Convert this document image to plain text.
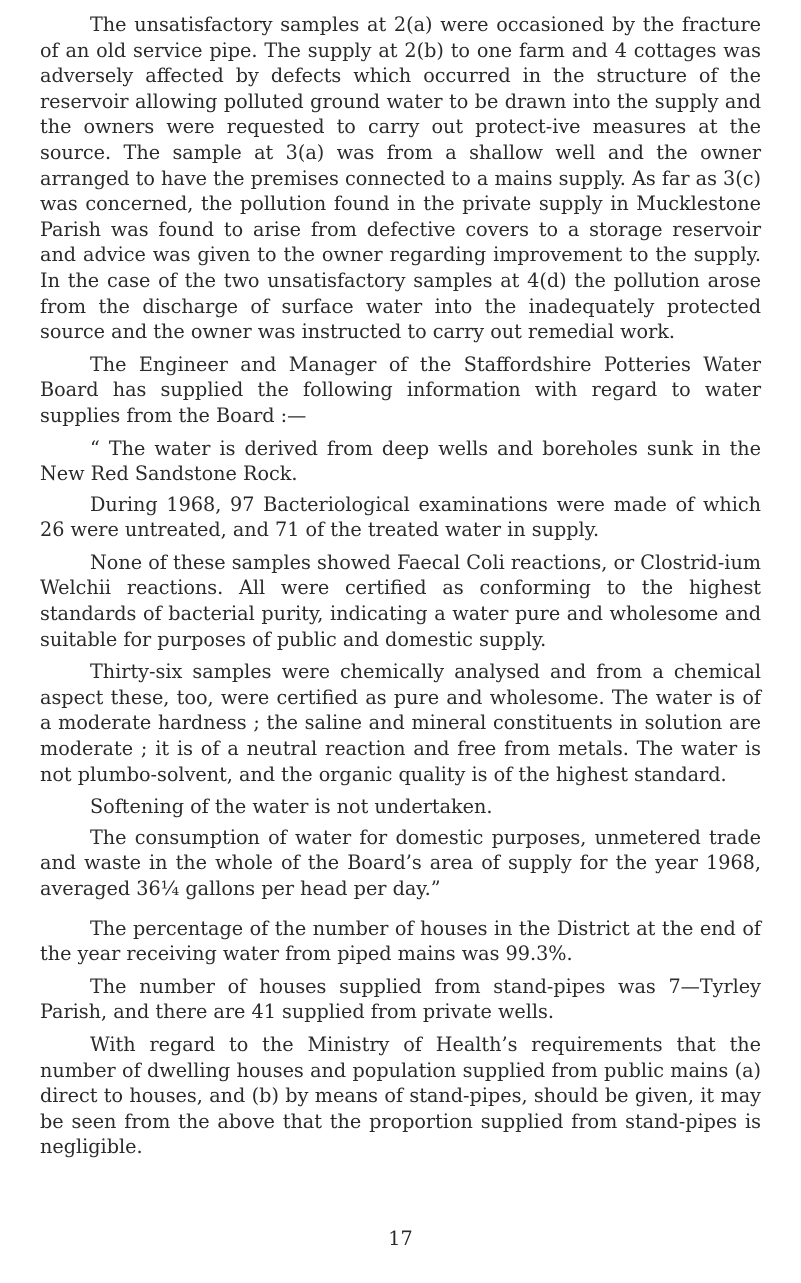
The unsatisfactory samples at 2(a) were occasioned by the fracture of an old service pipe. The supply at 2(b) to one farm and 4 cottages was adversely affected by defects which occurred in the structure of the reservoir allowing polluted ground water to be drawn into the supply and the owners were requested to carry out protect-ive measures at the source. The sample at 3(a) was from a shallow well and the owner arranged to have the premises connected to a mains supply. As far as 3(c) was concerned, the pollution found in the private supply in Mucklestone Parish was found to arise from defective covers to a storage reservoir and advice was given to the owner regarding improvement to the supply. In the case of the two unsatisfactory samples at 4(d) the pollution arose from the discharge of surface water into the inadequately protected source and the owner was instructed to carry out remedial work.

The Engineer and Manager of the Staffordshire Potteries Water Board has supplied the following information with regard to water supplies from the Board :—

“ The water is derived from deep wells and boreholes sunk in the New Red Sandstone Rock.

During 1968, 97 Bacteriological examinations were made of which 26 were untreated, and 71 of the treated water in supply.

None of these samples showed Faecal Coli reactions, or Clostrid-ium Welchii reactions. All were certified as conforming to the highest standards of bacterial purity, indicating a water pure and wholesome and suitable for purposes of public and domestic supply.

Thirty-six samples were chemically analysed and from a chemical aspect these, too, were certified as pure and wholesome. The water is of a moderate hardness ; the saline and mineral constituents in solution are moderate ; it is of a neutral reaction and free from metals. The water is not plumbo-solvent, and the organic quality is of the highest standard.

Softening of the water is not undertaken.

The consumption of water for domestic purposes, unmetered trade and waste in the whole of the Board’s area of supply for the year 1968, averaged 36¼ gallons per head per day.”

The percentage of the number of houses in the District at the end of the year receiving water from piped mains was 99.3%.

The number of houses supplied from stand-pipes was 7—Tyrley Parish, and there are 41 supplied from private wells.

With regard to the Ministry of Health’s requirements that the number of dwelling houses and population supplied from public mains (a) direct to houses, and (b) by means of stand-pipes, should be given, it may be seen from the above that the proportion supplied from stand-pipes is negligible.

17
